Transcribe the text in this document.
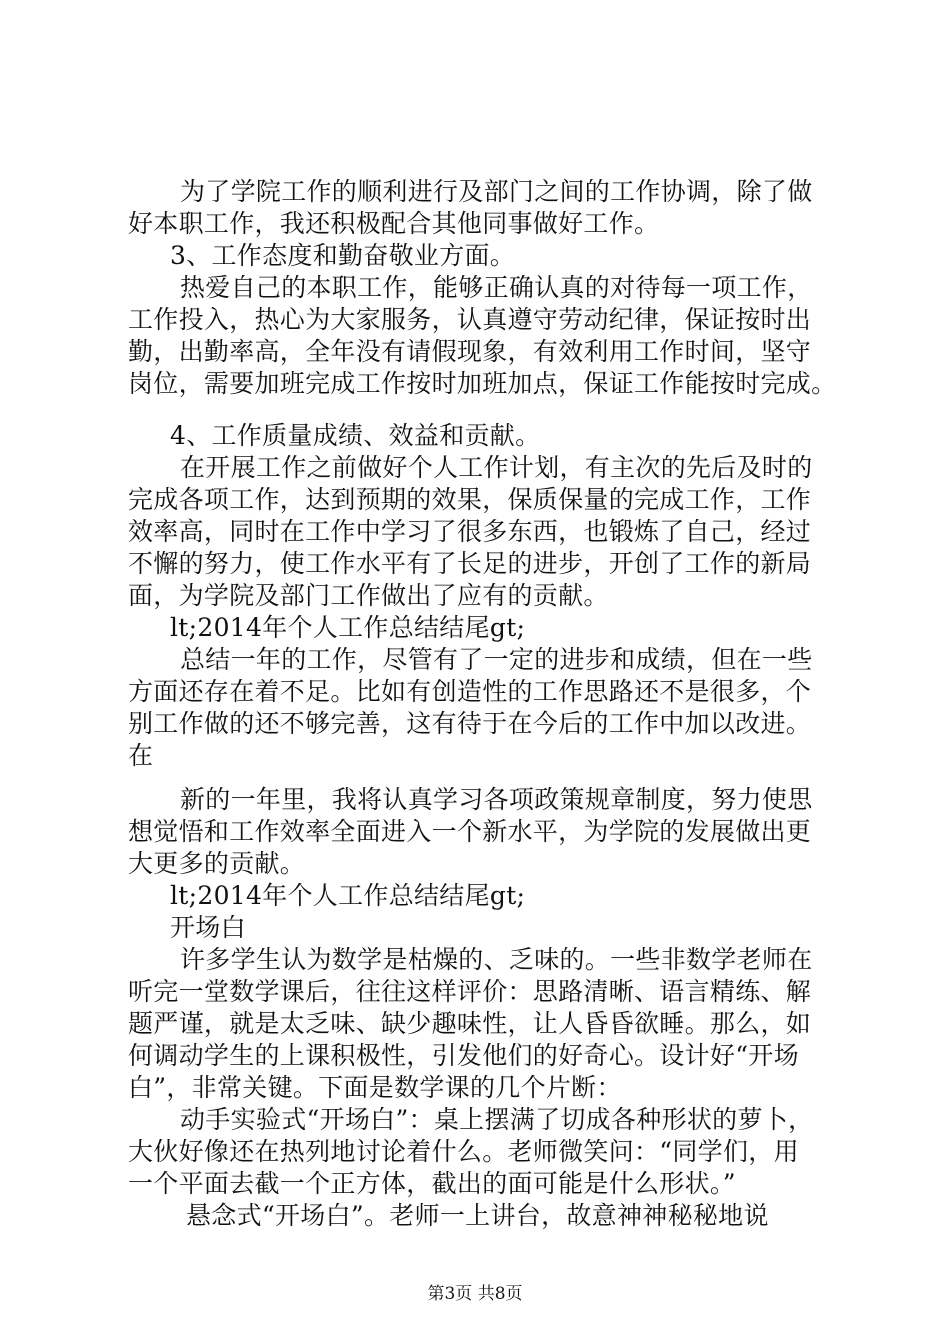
为了学院工作的顺利进行及部门之间的工作协调，除了做
好本职工作，我还积极配合其他同事做好工作。
3、工作态度和勤奋敬业方面。
热爱自己的本职工作，能够正确认真的对待每一项工作，
工作投入，热心为大家服务，认真遵守劳动纪律，保证按时出
勤，出勤率高，全年没有请假现象，有效利用工作时间，坚守
岗位，需要加班完成工作按时加班加点，保证工作能按时完成。
4、工作质量成绩、效益和贡献。
在开展工作之前做好个人工作计划，有主次的先后及时的
完成各项工作，达到预期的效果，保质保量的完成工作，工作
效率高，同时在工作中学习了很多东西，也锻炼了自己，经过
不懈的努力，使工作水平有了长足的进步，开创了工作的新局
面，为学院及部门工作做出了应有的贡献。
lt;2014年个人工作总结结尾gt;
总结一年的工作，尽管有了一定的进步和成绩，但在一些
方面还存在着不足。比如有创造性的工作思路还不是很多，个
别工作做的还不够完善，这有待于在今后的工作中加以改进。
在
新的一年里，我将认真学习各项政策规章制度，努力使思
想觉悟和工作效率全面进入一个新水平，为学院的发展做出更
大更多的贡献。
lt;2014年个人工作总结结尾gt;
开场白
许多学生认为数学是枯燥的、乏味的。一些非数学老师在
听完一堂数学课后，往往这样评价：思路清晰、语言精练、解
题严谨，就是太乏味、缺少趣味性，让人昏昏欲睡。那么，如
何调动学生的上课积极性，引发他们的好奇心。设计好“开场
白”，非常关键。下面是数学课的几个片断：
动手实验式“开场白”：桌上摆满了切成各种形状的萝卜，
大伙好像还在热列地讨论着什么。老师微笑问：“同学们，用
一个平面去截一个正方体，截出的面可能是什么形状。”
悬念式“开场白”。老师一上讲台，故意神神秘秘地说
第3页 共8页
